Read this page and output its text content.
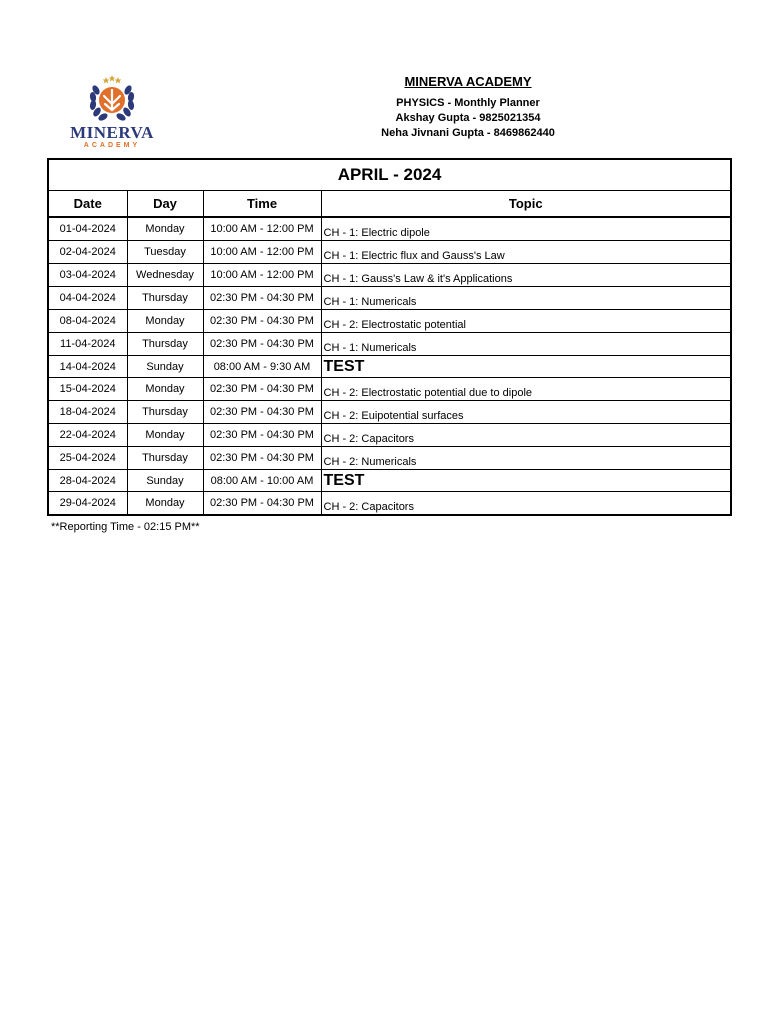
MINERVA
ACADEMY
MINERVA ACADEMY
PHYSICS - Monthly Planner
Akshay Gupta - 9825021354
Neha Jivnani Gupta - 8469862440
APRIL - 2024
Date	Day	Time	Topic
01-04-2024	Monday	10:00 AM - 12:00 PM	CH - 1: Electric dipole
02-04-2024	Tuesday	10:00 AM - 12:00 PM	CH - 1: Electric flux and Gauss's Law
03-04-2024	Wednesday	10:00 AM - 12:00 PM	CH - 1: Gauss's Law & it's Applications
04-04-2024	Thursday	02:30 PM - 04:30 PM	CH - 1: Numericals
08-04-2024	Monday	02:30 PM - 04:30 PM	CH - 2: Electrostatic potential
11-04-2024	Thursday	02:30 PM - 04:30 PM	CH - 1: Numericals
14-04-2024	Sunday	08:00 AM - 9:30 AM	TEST
15-04-2024	Monday	02:30 PM - 04:30 PM	CH - 2: Electrostatic potential due to dipole
18-04-2024	Thursday	02:30 PM - 04:30 PM	CH - 2: Euipotential surfaces
22-04-2024	Monday	02:30 PM - 04:30 PM	CH - 2: Capacitors
25-04-2024	Thursday	02:30 PM - 04:30 PM	CH - 2: Numericals
28-04-2024	Sunday	08:00 AM - 10:00 AM	TEST
29-04-2024	Monday	02:30 PM - 04:30 PM	CH - 2: Capacitors
**Reporting Time - 02:15 PM**
